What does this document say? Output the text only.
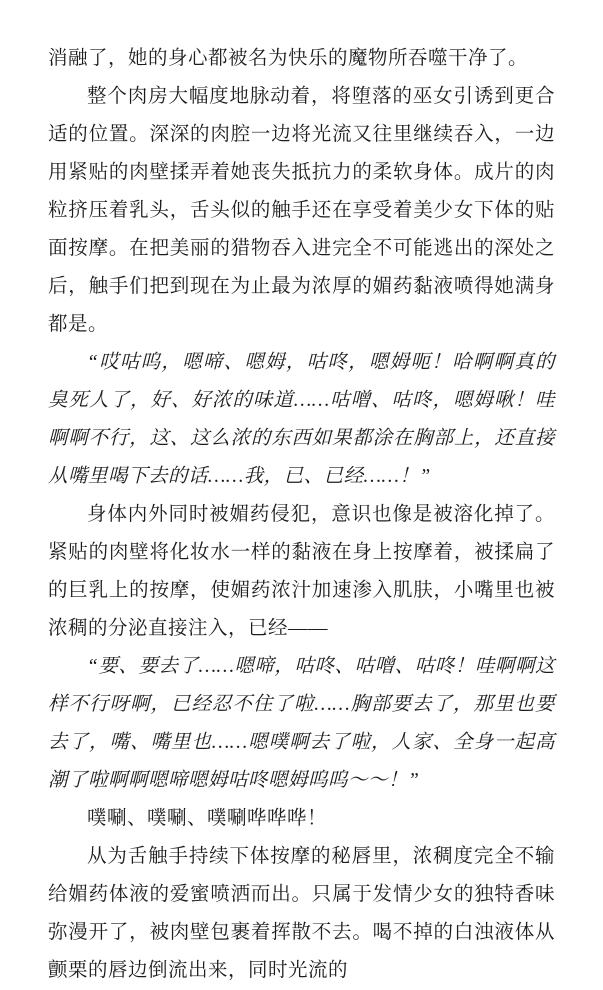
消融了，她的身心都被名为快乐的魔物所吞噬干净了。

整个肉房大幅度地脉动着，将堕落的巫女引诱到更合适的位置。深深的肉腔一边将光流又往里继续吞入，一边用紧贴的肉壁揉弄着她丧失抵抗力的柔软身体。成片的肉粒挤压着乳头，舌头似的触手还在享受着美少女下体的贴面按摩。在把美丽的猎物吞入进完全不可能逃出的深处之后，触手们把到现在为止最为浓厚的媚药黏液喷得她满身都是。

“哎咕呜，嗯啼、嗯姆，咕咚，嗯姆呃！哈啊啊真的臭死人了，好、好浓的味道……咕噌、咕咚，嗯姆啾！哇啊啊不行，这、这么浓的东西如果都涂在胸部上，还直接从嘴里喝下去的话……我，已、已经……！”

身体内外同时被媚药侵犯，意识也像是被溶化掉了。紧贴的肉壁将化妆水一样的黏液在身上按摩着，被揉扁了的巨乳上的按摩，使媚药浓汁加速渗入肌肤，小嘴里也被浓稠的分泌直接注入，已经——

“要、要去了……嗯啼，咕咚、咕噌、咕咚！哇啊啊这样不行呀啊，已经忍不住了啦……胸部要去了，那里也要去了，嘴、嘴里也……嗯噗啊去了啦，人家、全身一起高潮了啦啊啊嗯啼嗯姆咕咚嗯姆呜呜～～！”

噗唰、噗唰、噗唰哗哗哗！

从为舌触手持续下体按摩的秘唇里，浓稠度完全不输给媚药体液的爱蜜喷洒而出。只属于发情少女的独特香味弥漫开了，被肉壁包裹着挥散不去。喝不掉的白浊液体从颤栗的唇边倒流出来，同时光流的
